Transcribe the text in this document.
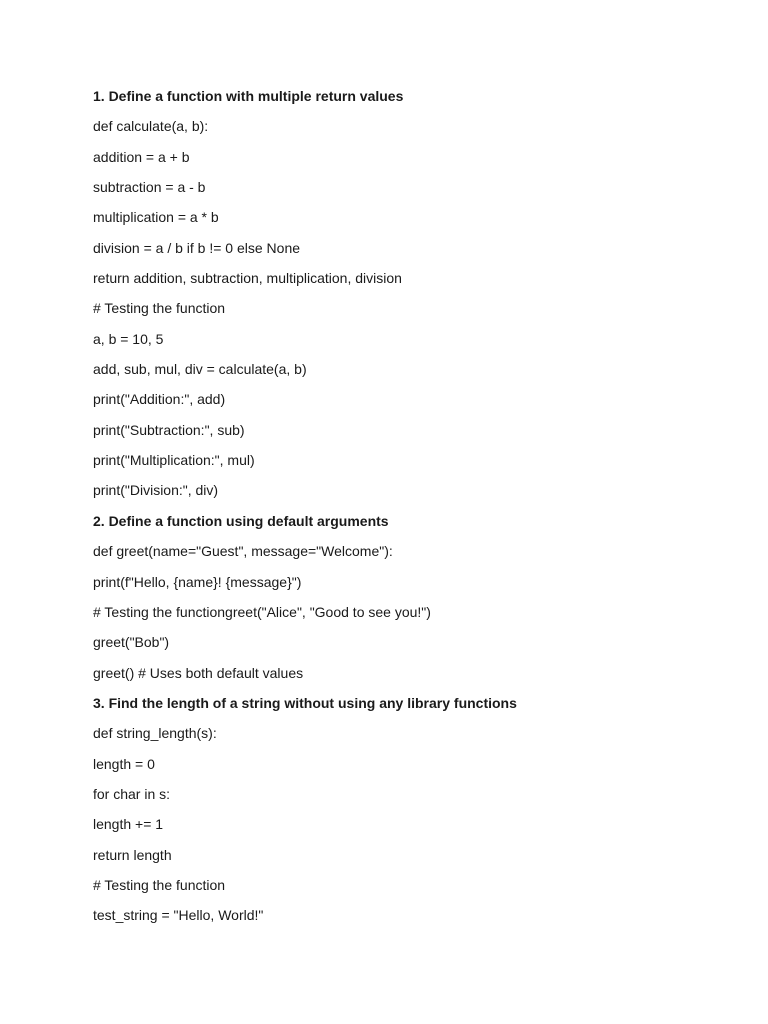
1. Define a function with multiple return values

def calculate(a, b):

addition = a + b

subtraction = a - b

multiplication = a * b

division = a / b if b != 0 else None

return addition, subtraction, multiplication, division

# Testing the function

a, b = 10, 5

add, sub, mul, div = calculate(a, b)

print("Addition:", add)

print("Subtraction:", sub)

print("Multiplication:", mul)

print("Division:", div)

2. Define a function using default arguments

def greet(name="Guest", message="Welcome"):

print(f"Hello, {name}! {message}")

# Testing the functiongreet("Alice", "Good to see you!")

greet("Bob")

greet() # Uses both default values

3. Find the length of a string without using any library functions

def string_length(s):

length = 0

for char in s:

length += 1

return length

# Testing the function

test_string = "Hello, World!"
